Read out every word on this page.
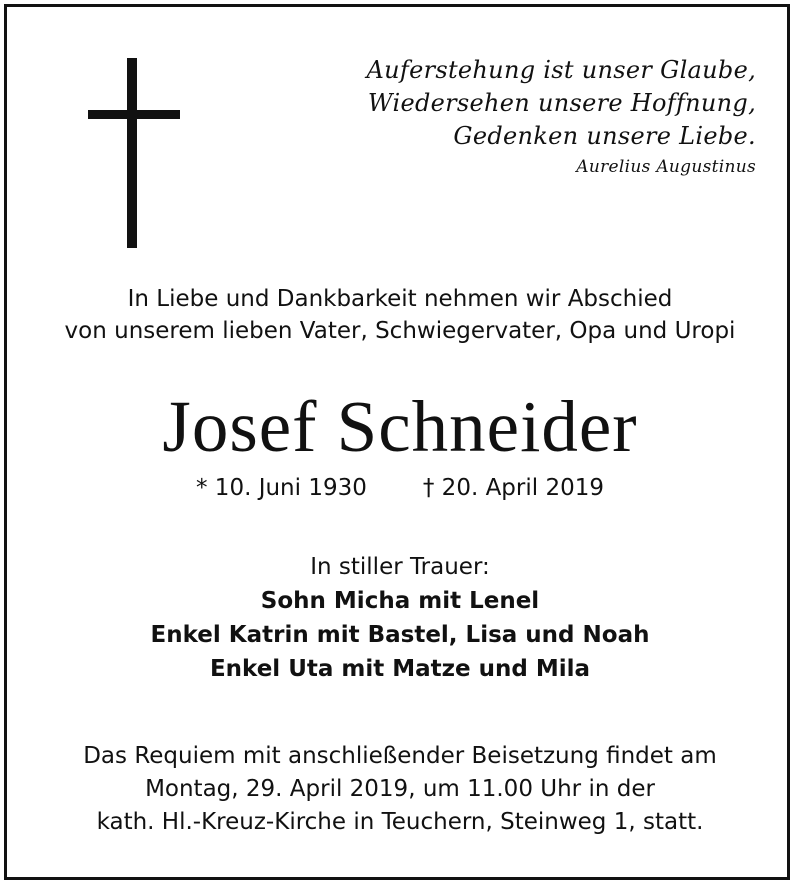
Auferstehung ist unser Glaube,
Wiedersehen unsere Hoffnung,
Gedenken unsere Liebe.
Aurelius Augustinus
In Liebe und Dankbarkeit nehmen wir Abschied
von unserem lieben Vater, Schwiegervater, Opa und Uropi
Josef Schneider
* 10. Juni 1930 † 20. April 2019
In stiller Trauer:
Sohn Micha mit Lenel
Enkel Katrin mit Bastel, Lisa und Noah
Enkel Uta mit Matze und Mila
Das Requiem mit anschließender Beisetzung findet am
Montag, 29. April 2019, um 11.00 Uhr in der
kath. Hl.-Kreuz-Kirche in Teuchern, Steinweg 1, statt.
